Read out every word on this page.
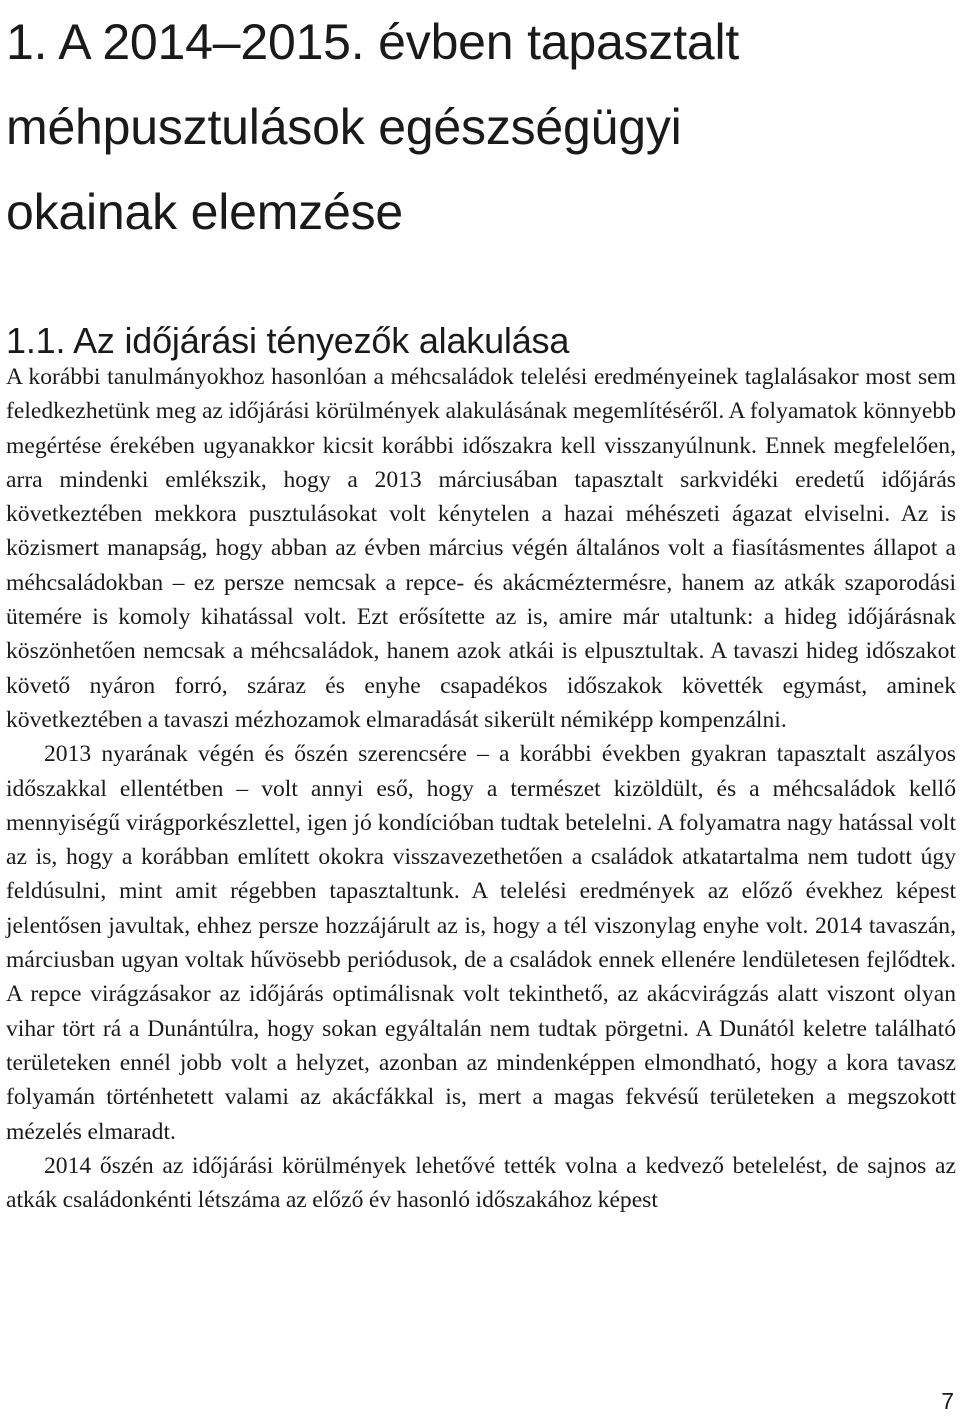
1. A 2014–2015. évben tapasztalt
méhpusztulások egészségügyi
okainak elemzése
1.1. Az időjárási tényezők alakulása

A korábbi tanulmányokhoz hasonlóan a méhcsaládok telelési eredményeinek taglalásakor most sem feledkezhetünk meg az időjárási körülmények alakulásának megemlítéséről. A folyamatok könnyebb megértése érekében ugyanakkor kicsit korábbi időszakra kell visszanyúlnunk. Ennek megfelelően, arra mindenki emlékszik, hogy a 2013 márciusában tapasztalt sarkvidéki eredetű időjárás következtében mekkora pusztulásokat volt kénytelen a hazai méhészeti ágazat elviselni. Az is közismert manapság, hogy abban az évben március végén általános volt a fiasításmentes állapot a méhcsaládokban – ez persze nemcsak a repce- és akácméztermésre, hanem az atkák szaporodási ütemére is komoly kihatással volt. Ezt erősítette az is, amire már utaltunk: a hideg időjárásnak köszönhetően nemcsak a méhcsaládok, hanem azok atkái is elpusztultak. A tavaszi hideg időszakot követő nyáron forró, száraz és enyhe csapadékos időszakok követték egymást, aminek következtében a tavaszi mézhozamok elmaradását sikerült némiképp kompenzálni.

2013 nyarának végén és őszén szerencsére – a korábbi években gyakran tapasztalt aszályos időszakkal ellentétben – volt annyi eső, hogy a természet kizöldült, és a méhcsaládok kellő mennyiségű virágporkészlettel, igen jó kondícióban tudtak betelelni. A folyamatra nagy hatással volt az is, hogy a korábban említett okokra visszavezethetően a családok atkatartalma nem tudott úgy feldúsulni, mint amit régebben tapasztaltunk. A telelési eredmények az előző évekhez képest jelentősen javultak, ehhez persze hozzájárult az is, hogy a tél viszonylag enyhe volt. 2014 tavaszán, márciusban ugyan voltak hűvösebb periódusok, de a családok ennek ellenére lendületesen fejlődtek. A repce virágzásakor az időjárás optimálisnak volt tekinthető, az akácvirágzás alatt viszont olyan vihar tört rá a Dunántúlra, hogy sokan egyáltalán nem tudtak pörgetni. A Dunától keletre található területeken ennél jobb volt a helyzet, azonban az mindenképpen elmondható, hogy a kora tavasz folyamán történhetett valami az akácfákkal is, mert a magas fekvésű területeken a megszokott mézelés elmaradt.

2014 őszén az időjárási körülmények lehetővé tették volna a kedvező betelelést, de sajnos az atkák családonkénti létszáma az előző év hasonló időszakához képest

7
